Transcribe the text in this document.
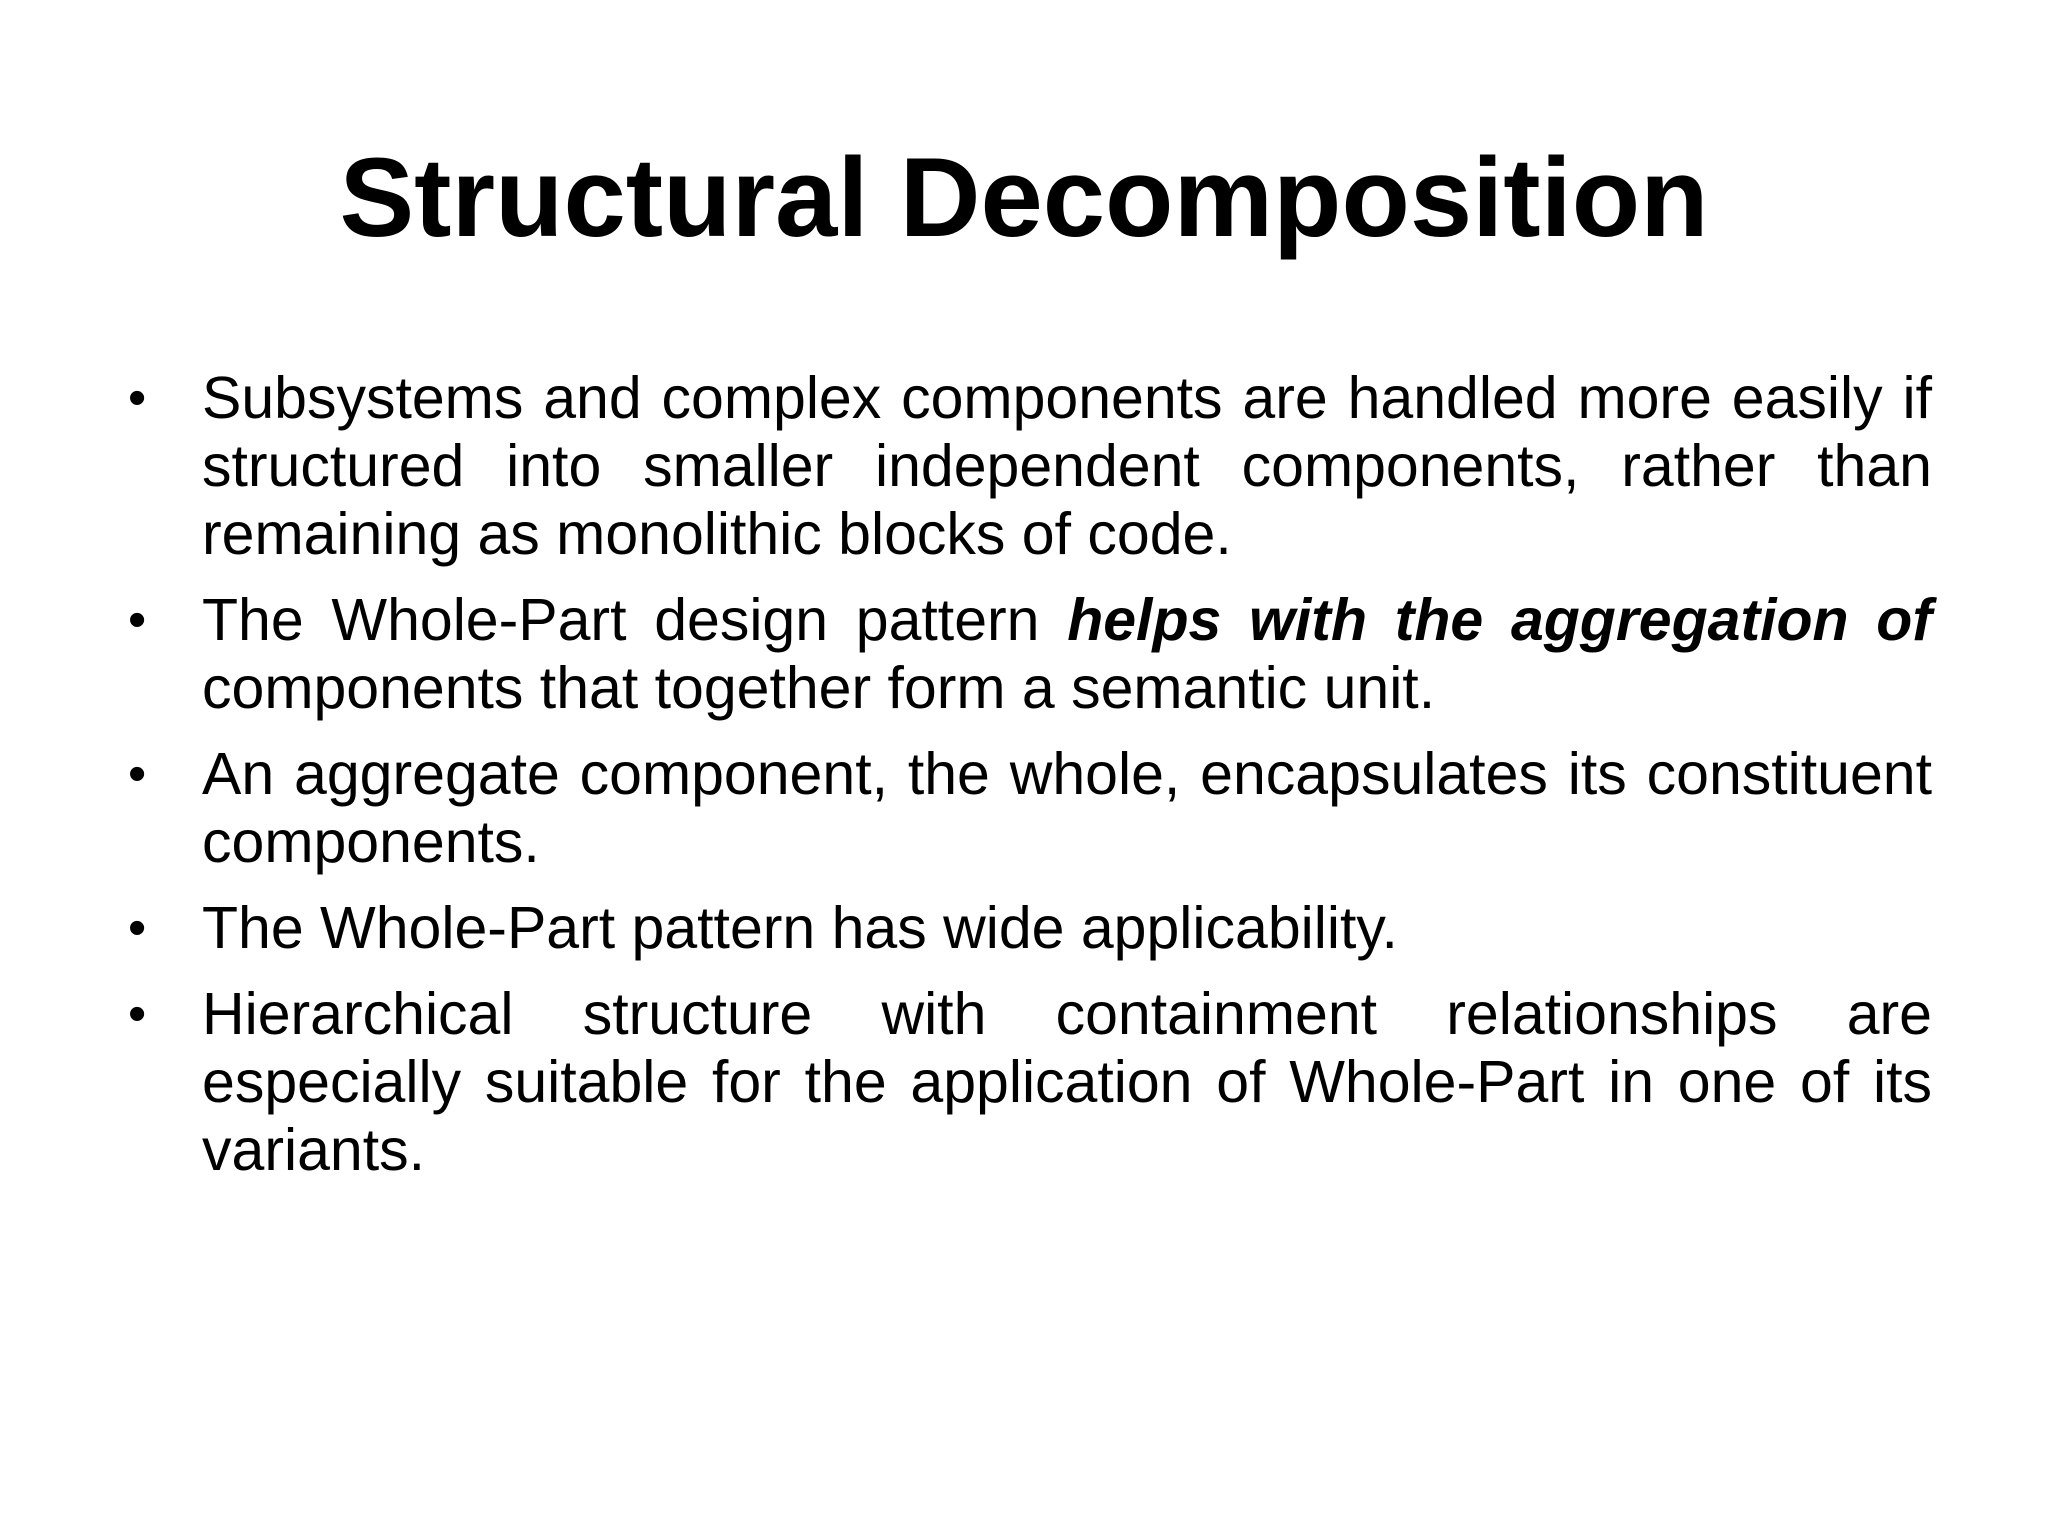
Structural Decomposition
• Subsystems and complex components are handled more easily if structured into smaller independent components, rather than remaining as monolithic blocks of code.
• The Whole-Part design pattern helps with the aggregation of components that together form a semantic unit.
• An aggregate component, the whole, encapsulates its constituent components.
• The Whole-Part pattern has wide applicability.
• Hierarchical structure with containment relationships are especially suitable for the application of Whole-Part in one of its variants.
